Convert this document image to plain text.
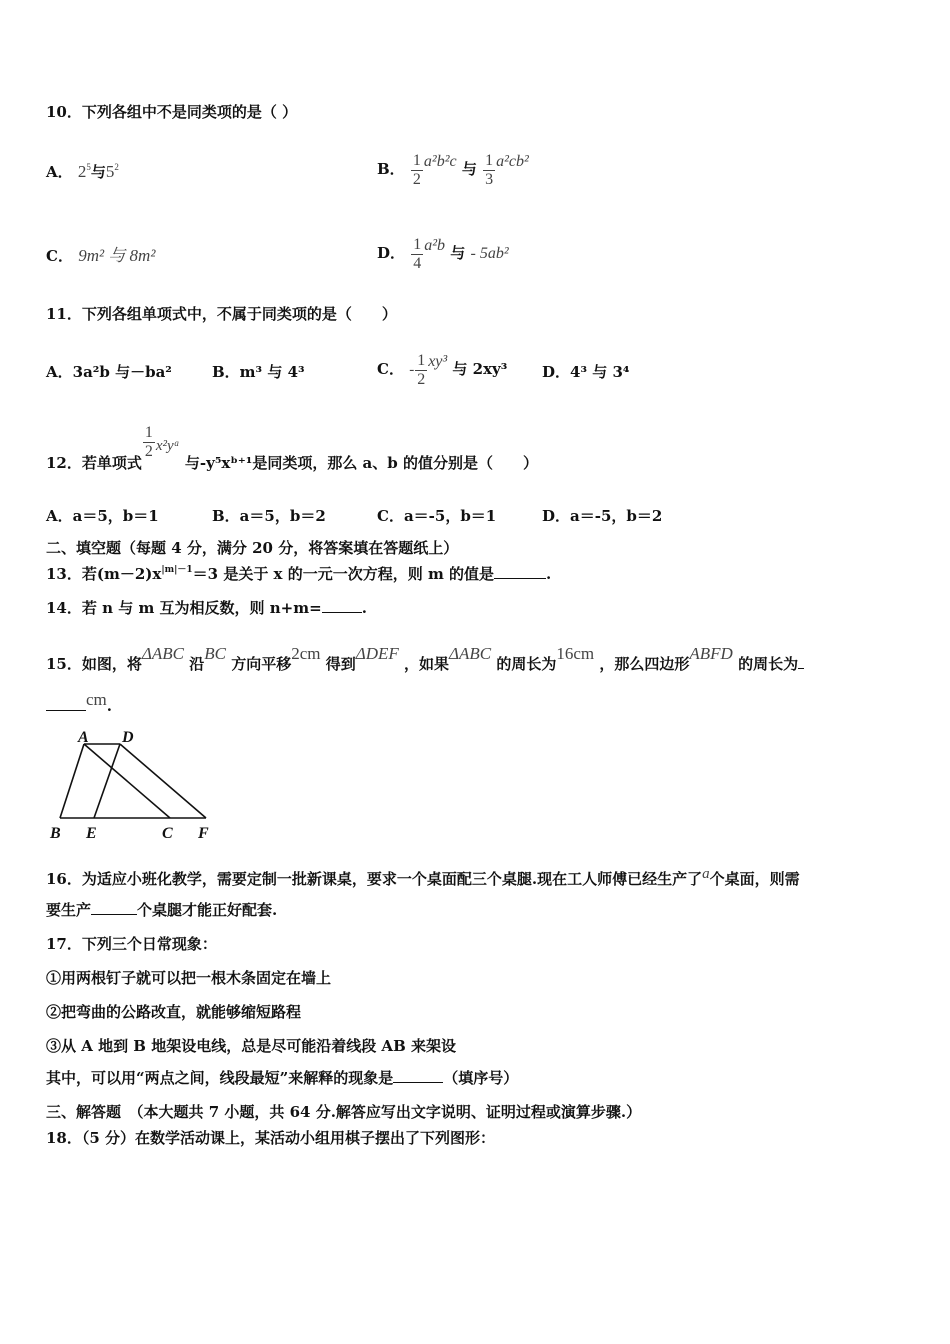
10．下列各组中不是同类项的是（ ）
A． $2^5$与$5^2$	B． $\frac{1}{2} a^2b^2c$ 与 $\frac{1}{3} a^2cb^2$
C． 9m² 与 8m²	D． $\frac{1}{4} a^2b$ 与 - 5ab²
11．下列各组单项式中，不属于同类项的是（　　）
A．3a²b 与－ba²	B．m³ 与 4³	C． - $\frac{1}{2} xy^3$ 与 2xy³ D．4³ 与 3⁴
12．若单项式
$\frac{1}{2}$ x²yᵃ 与-y⁵xᵇ⁺¹是同类项，那么 a、b 的值分别是（　　）
A．a＝5，b＝1	B．a＝5，b＝2	C．a＝-5，b＝1	D．a＝-5，b＝2
二、填空题（每题 4 分，满分 20 分，将答案填在答题纸上）
13．若$(m-2)x^{|m|-1}=3$ 是关于 x 的一元一次方程，则 m 的值是	.
14．若 n 与 m 互为相反数，则 n+m=	.
15．如图，将ΔABC 沿BC 方向平移2cm 得到ΔDEF ，如果ΔABC 的周长为16cm ，那么四边形ABFD 的周长为
cm.
A D
B E	C F
16．为适应小班化教学，需要定制一批新课桌，要求一个桌面配三个桌腿.现在工人师傅已经生产了a个桌面，则需
要生产	个桌腿才能正好配套.
17．下列三个日常现象：
①用两根钉子就可以把一根木条固定在墙上
②把弯曲的公路改直，就能够缩短路程
③从 A 地到 B 地架设电线，总是尽可能沿着线段 AB 来架设
其中，可以用“两点之间，线段最短”来解释的现象是	（填序号）
三、解答题　（本大题共 7 小题，共 64 分.解答应写出文字说明、证明过程或演算步骤.）
18．（5 分）在数学活动课上，某活动小组用棋子摆出了下列图形：
